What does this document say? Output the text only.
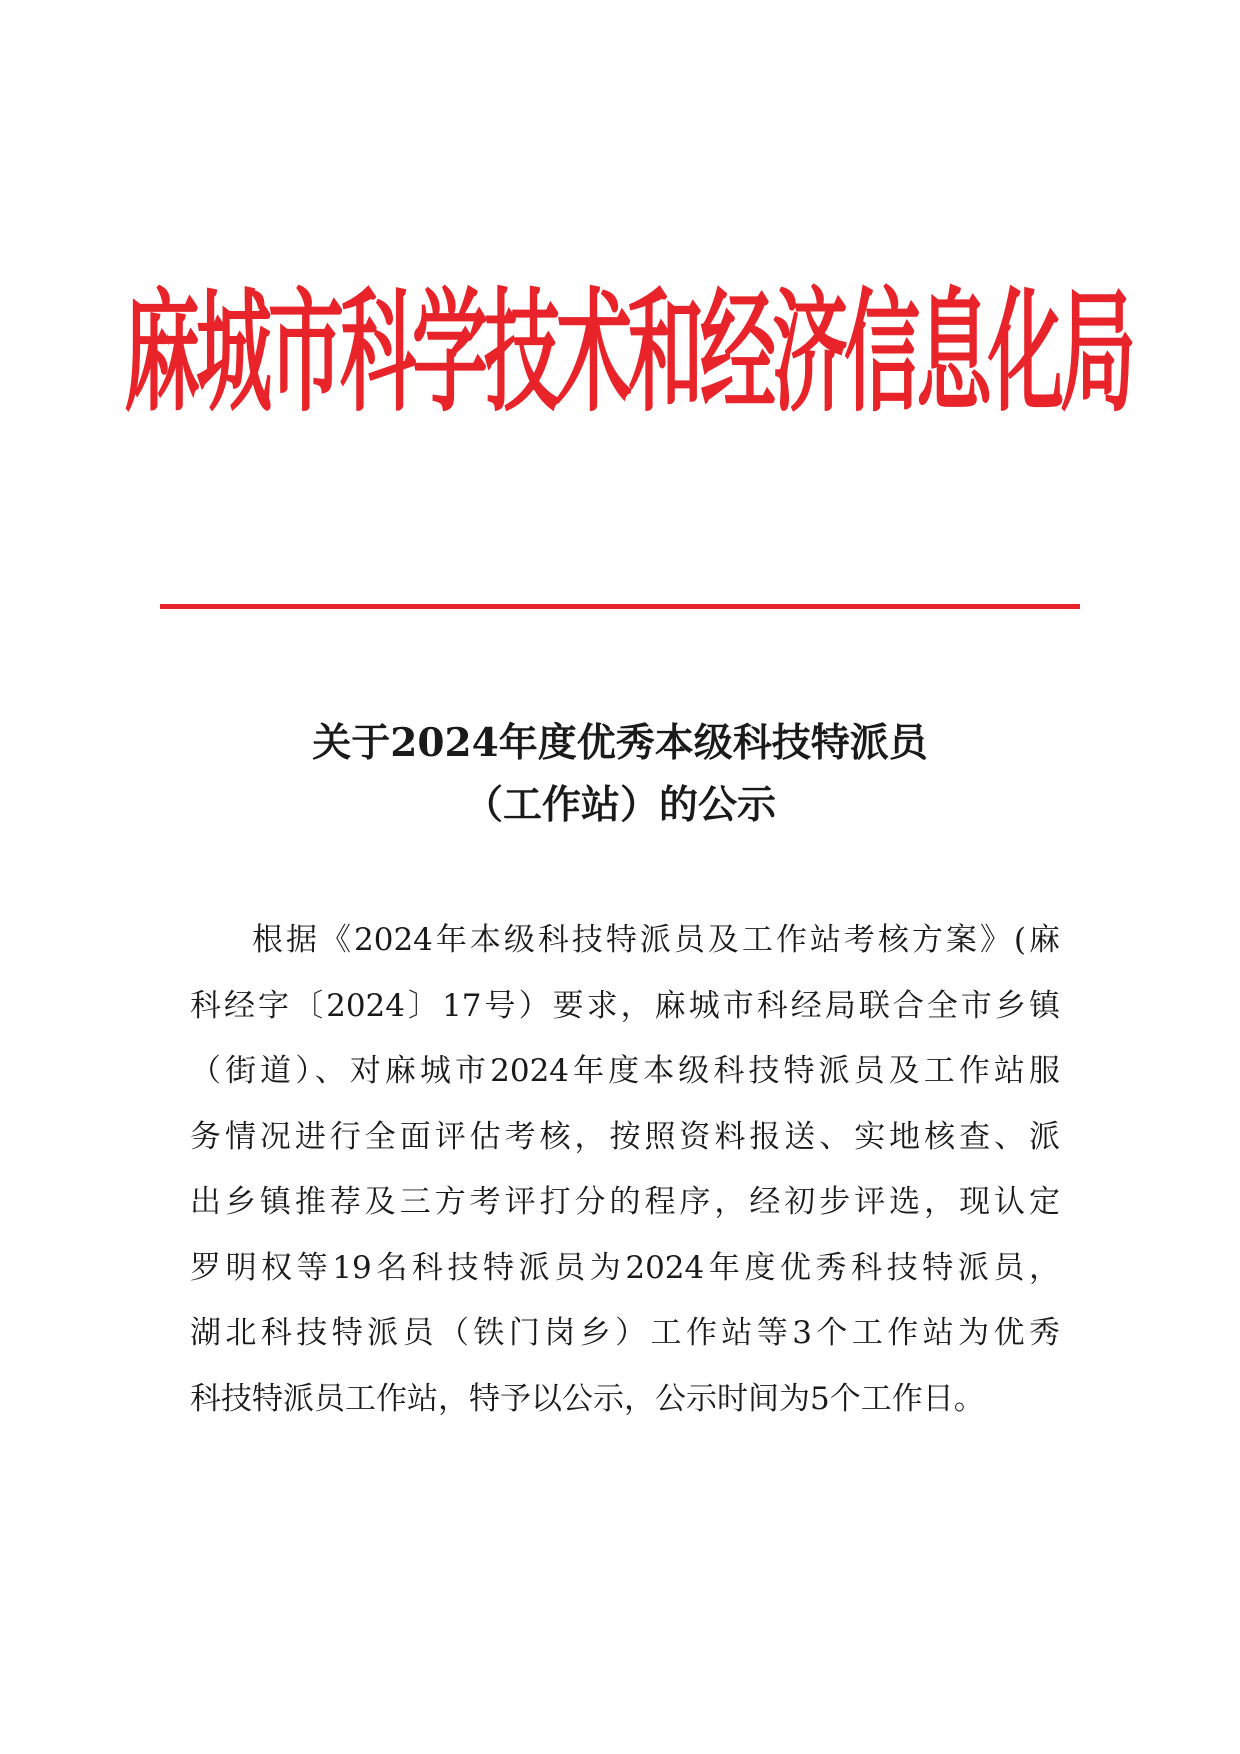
麻城市科学技术和经济信息化局
关于2024年度优秀本级科技特派员
（工作站）的公示
根据《2024年本级科技特派员及工作站考核方案》(麻
科经字〔2024〕17号）要求，麻城市科经局联合全市乡镇
（街道）、对麻城市2024年度本级科技特派员及工作站服
务情况进行全面评估考核，按照资料报送、实地核查、派
出乡镇推荐及三方考评打分的程序，经初步评选，现认定
罗明权等19名科技特派员为2024年度优秀科技特派员，
湖北科技特派员（铁门岗乡）工作站等3个工作站为优秀
科技特派员工作站，特予以公示，公示时间为5个工作日。
